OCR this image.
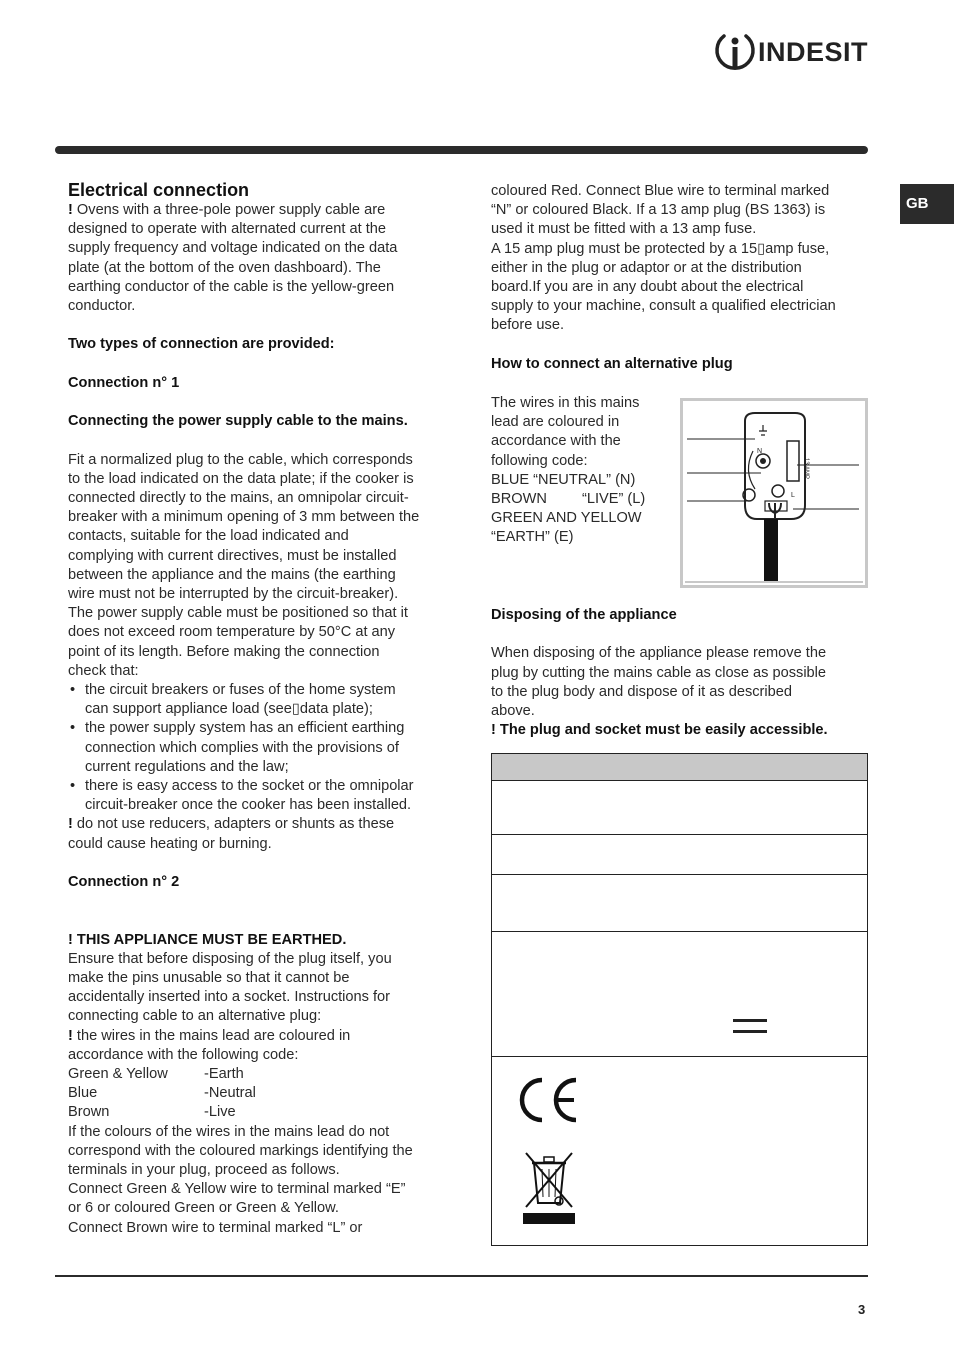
INDESIT
GB
Electrical connection
! Ovens with a three-pole power supply cable are
designed to operate with alternated current at the
supply frequency and voltage indicated on the data
plate (at the bottom of the oven dashboard). The
earthing conductor of the cable is the yellow-green
conductor.
Two types of connection are provided:
Connection n° 1
Connecting the power supply cable to the mains.
Fit a normalized plug to the cable, which corresponds
to the load indicated on the data plate; if the cooker is
connected directly to the mains, an omnipolar circuit-
breaker with a minimum opening of 3 mm between the
contacts, suitable for the load indicated and
complying with current directives, must be installed
between the appliance and the mains (the earthing
wire must not be interrupted by the circuit-breaker).
The power supply cable must be positioned so that it
does not exceed room temperature by 50°C at any
point of its length. Before making the connection
check that:
• the circuit breakers or fuses of the home system
can support appliance load (see▯data plate);
• the power supply system has an efficient earthing
connection which complies with the provisions of
current regulations and the law;
• there is easy access to the socket or the omnipolar
circuit-breaker once the cooker has been installed.
! do not use reducers, adapters or shunts as these
could cause heating or burning.
Connection n° 2
! THIS APPLIANCE MUST BE EARTHED.
Ensure that before disposing of the plug itself, you
make the pins unusable so that it cannot be
accidentally inserted into a socket. Instructions for
connecting cable to an alternative plug:
! the wires in the mains lead are coloured in
accordance with the following code:
Green & Yellow	-Earth
Blue	-Neutral
Brown	-Live
If the colours of the wires in the mains lead do not
correspond with the coloured markings identifying the
terminals in your plug, proceed as follows.
Connect Green & Yellow wire to terminal marked “E”
or 6 or coloured Green or Green & Yellow.
Connect Brown wire to terminal marked “L” or
coloured Red. Connect Blue wire to terminal marked
“N” or coloured Black. If a 13 amp plug (BS 1363) is
used it must be fitted with a 13 amp fuse.
A 15 amp plug must be protected by a 15▯amp fuse,
either in the plug or adaptor or at the distribution
board.If you are in any doubt about the electrical
supply to your machine, consult a qualified electrician
before use.
How to connect an alternative plug
The wires in this mains
lead are coloured in
accordance with the
following code:
BLUE “NEUTRAL” (N)
BROWN	“LIVE” (L)
GREEN AND YELLOW
“EARTH” (E)
13 AMP
N
L
Disposing of the appliance
When disposing of the appliance please remove the
plug by cutting the mains cable as close as possible
to the plug body and dispose of it as described
above.
! The plug and socket must be easily accessible.
3
